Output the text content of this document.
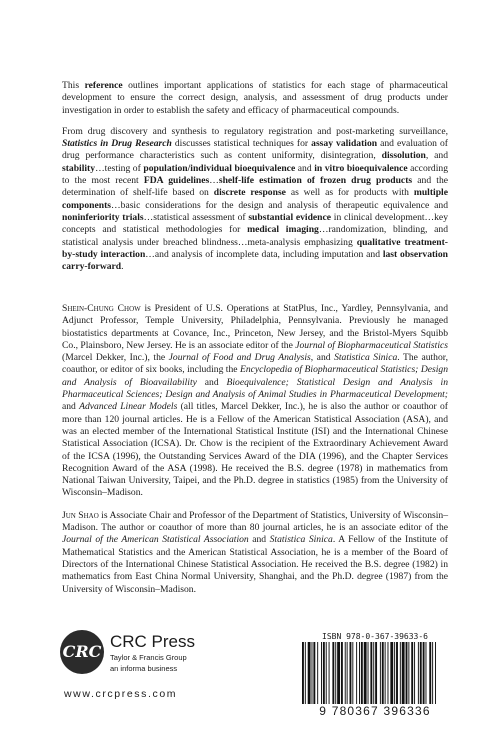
This reference outlines important applications of statistics for each stage of pharmaceutical development to ensure the correct design, analysis, and assessment of drug products under investigation in order to establish the safety and efficacy of pharmaceutical compounds.

From drug discovery and synthesis to regulatory registration and post-marketing surveillance, Statistics in Drug Research discusses statistical techniques for assay validation and evaluation of drug performance characteristics such as content uniformity, disintegration, dissolution, and stability…testing of population/individual bioequivalence and in vitro bioequivalence according to the most recent FDA guidelines…shelf-life estimation of frozen drug products and the determination of shelf-life based on discrete response as well as for products with multiple components…basic considerations for the design and analysis of therapeutic equivalence and noninferiority trials…statistical assessment of substantial evidence in clinical development…key concepts and statistical methodologies for medical imaging…randomization, blinding, and statistical analysis under breached blindness…meta-analysis emphasizing qualitative treatment-by-study interaction…and analysis of incomplete data, including imputation and last observation carry-forward.

Shein-Chung Chow is President of U.S. Operations at StatPlus, Inc., Yardley, Pennsylvania, and Adjunct Professor, Temple University, Philadelphia, Pennsylvania. Previously he managed biostatistics departments at Covance, Inc., Princeton, New Jersey, and the Bristol-Myers Squibb Co., Plainsboro, New Jersey. He is an associate editor of the Journal of Biopharmaceutical Statistics (Marcel Dekker, Inc.), the Journal of Food and Drug Analysis, and Statistica Sinica. The author, coauthor, or editor of six books, including the Encyclopedia of Biopharmaceutical Statistics; Design and Analysis of Bioavailability and Bioequivalence; Statistical Design and Analysis in Pharmaceutical Sciences; Design and Analysis of Animal Studies in Pharmaceutical Development; and Advanced Linear Models (all titles, Marcel Dekker, Inc.), he is also the author or coauthor of more than 120 journal articles. He is a Fellow of the American Statistical Association (ASA), and was an elected member of the International Statistical Institute (ISI) and the International Chinese Statistical Association (ICSA). Dr. Chow is the recipient of the Extraordinary Achievement Award of the ICSA (1996), the Outstanding Services Award of the DIA (1996), and the Chapter Services Recognition Award of the ASA (1998). He received the B.S. degree (1978) in mathematics from National Taiwan University, Taipei, and the Ph.D. degree in statistics (1985) from the University of Wisconsin–Madison.

Jun Shao is Associate Chair and Professor of the Department of Statistics, University of Wisconsin–Madison. The author or coauthor of more than 80 journal articles, he is an associate editor of the Journal of the American Statistical Association and Statistica Sinica. A Fellow of the Institute of Mathematical Statistics and the American Statistical Association, he is a member of the Board of Directors of the International Chinese Statistical Association. He received the B.S. degree (1982) in mathematics from East China Normal University, Shanghai, and the Ph.D. degree (1987) from the University of Wisconsin–Madison.

CRC
CRC Press
Taylor & Francis Group
an informa business
www.crcpress.com
ISBN 978-0-367-39633-6
9 780367 396336
